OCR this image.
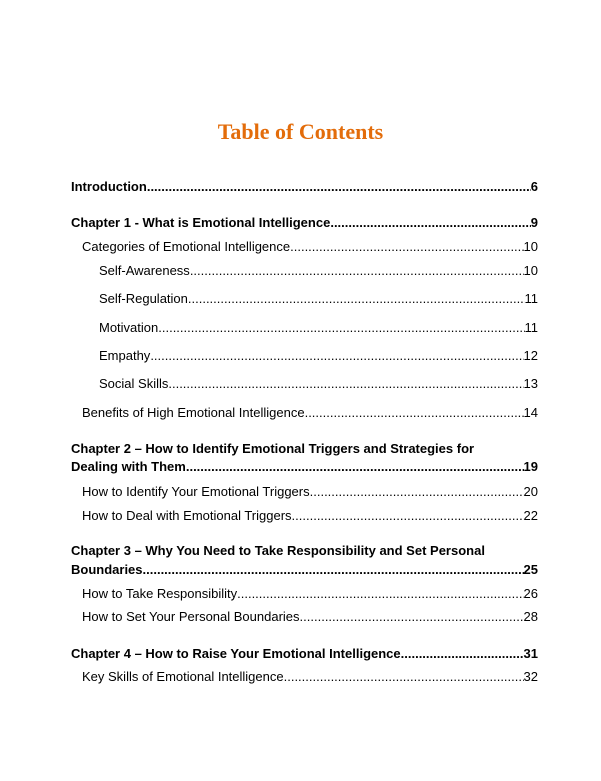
Table of Contents
Introduction .....	6
Chapter 1 - What is Emotional Intelligence .....	9
Categories of Emotional Intelligence .....	10
Self-Awareness .....	10
Self-Regulation .....	11
Motivation .....	11
Empathy .....	12
Social Skills .....	13
Benefits of High Emotional Intelligence .....	14
Chapter 2 – How to Identify Emotional Triggers and Strategies for
Dealing with Them .....	19
How to Identify Your Emotional Triggers .....	20
How to Deal with Emotional Triggers .....	22
Chapter 3 – Why You Need to Take Responsibility and Set Personal
Boundaries .....	25
How to Take Responsibility .....	26
How to Set Your Personal Boundaries .....	28
Chapter 4 – How to Raise Your Emotional Intelligence .....	31
Key Skills of Emotional Intelligence .....	32
